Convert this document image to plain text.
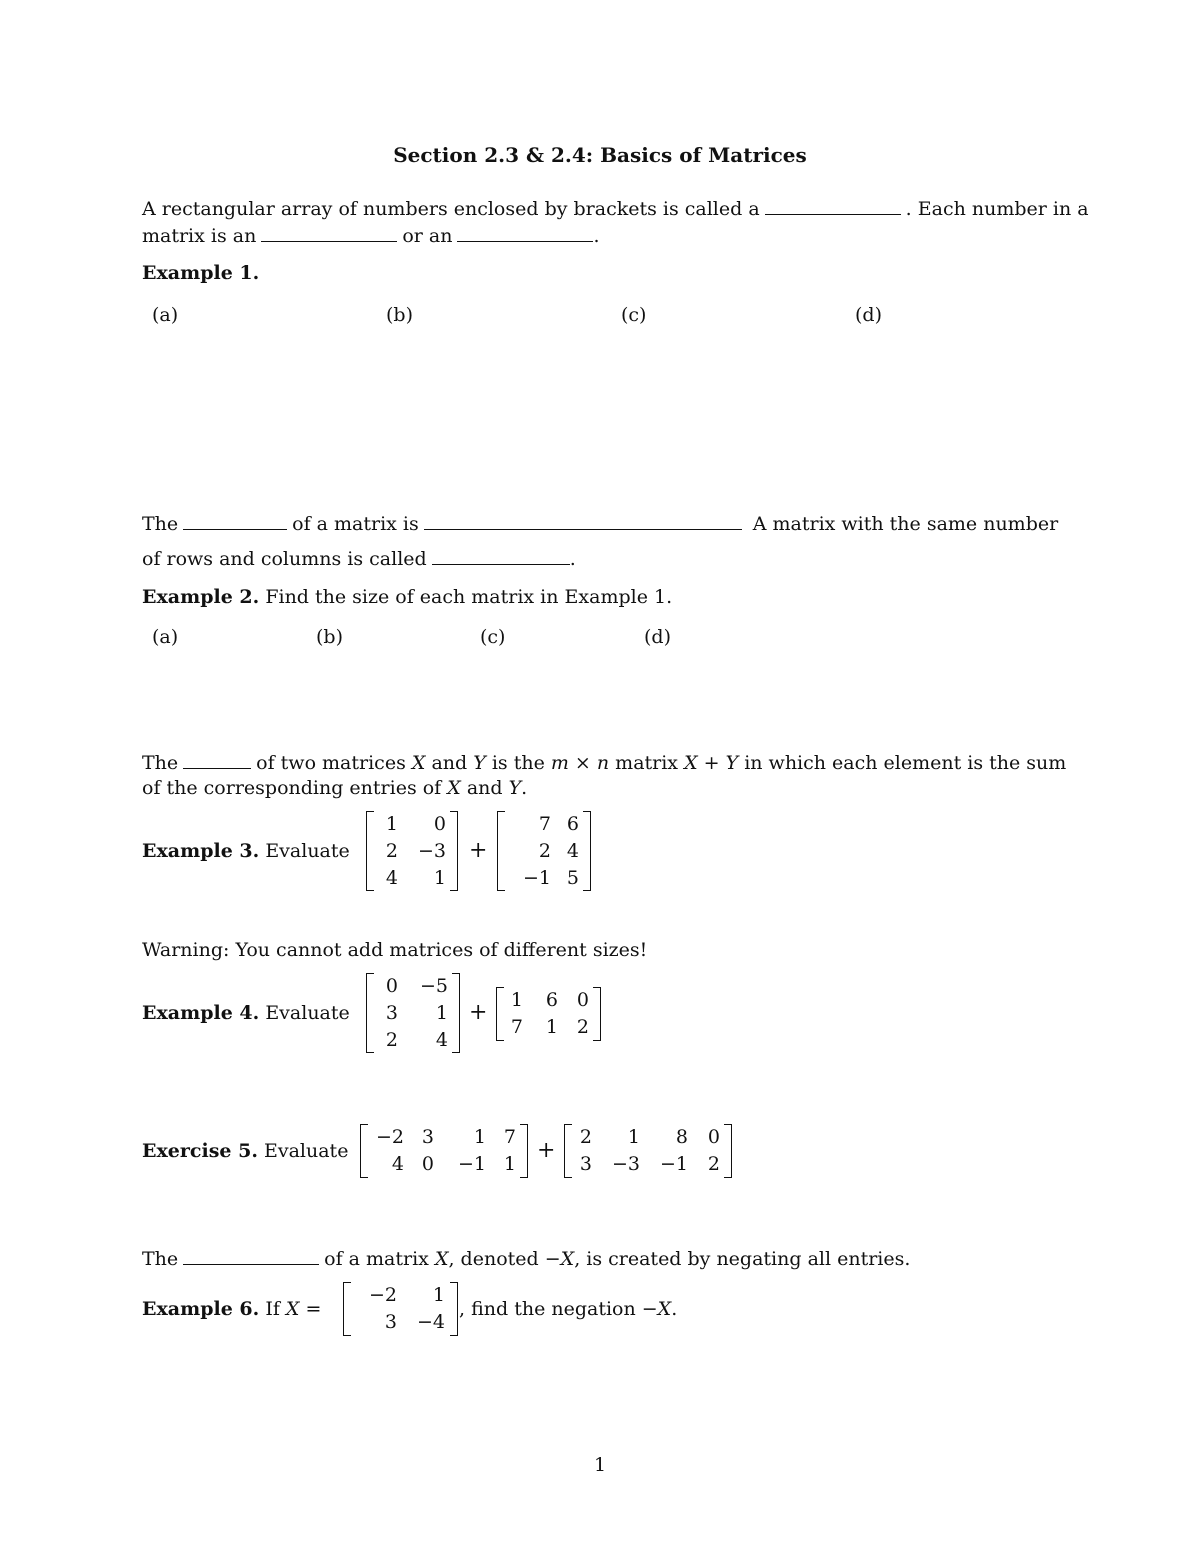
Section 2.3 & 2.4: Basics of Matrices
A rectangular array of numbers enclosed by brackets is called a	. Each number in a
matrix is an	or an	.
Example 1.
(a)	(b)	(c)	(d)
The	of a matrix is	A matrix with the same number
of rows and columns is called	.
Example 2. Find the size of each matrix in Example 1.
(a)	(b)	(c)	(d)
The	of two matrices X and Y is the m × n matrix X + Y in which each element is the sum
of the corresponding entries of X and Y.
Example 3. Evaluate
1	0
2	−3
4	1
+
7	6
2	4
−1	5
Warning: You cannot add matrices of different sizes!
Example 4. Evaluate
0	−5
3	1
2	4
+ 1	6	0
7	1	2
Exercise 5. Evaluate
−2	3	1	7
4	0	−1	1
+
2	1	8	0
3	−3	−1	2
The	of a matrix X, denoted −X, is created by negating all entries.
Example 6. If X =
−2	1
3	−4
, find the negation −X.
1
